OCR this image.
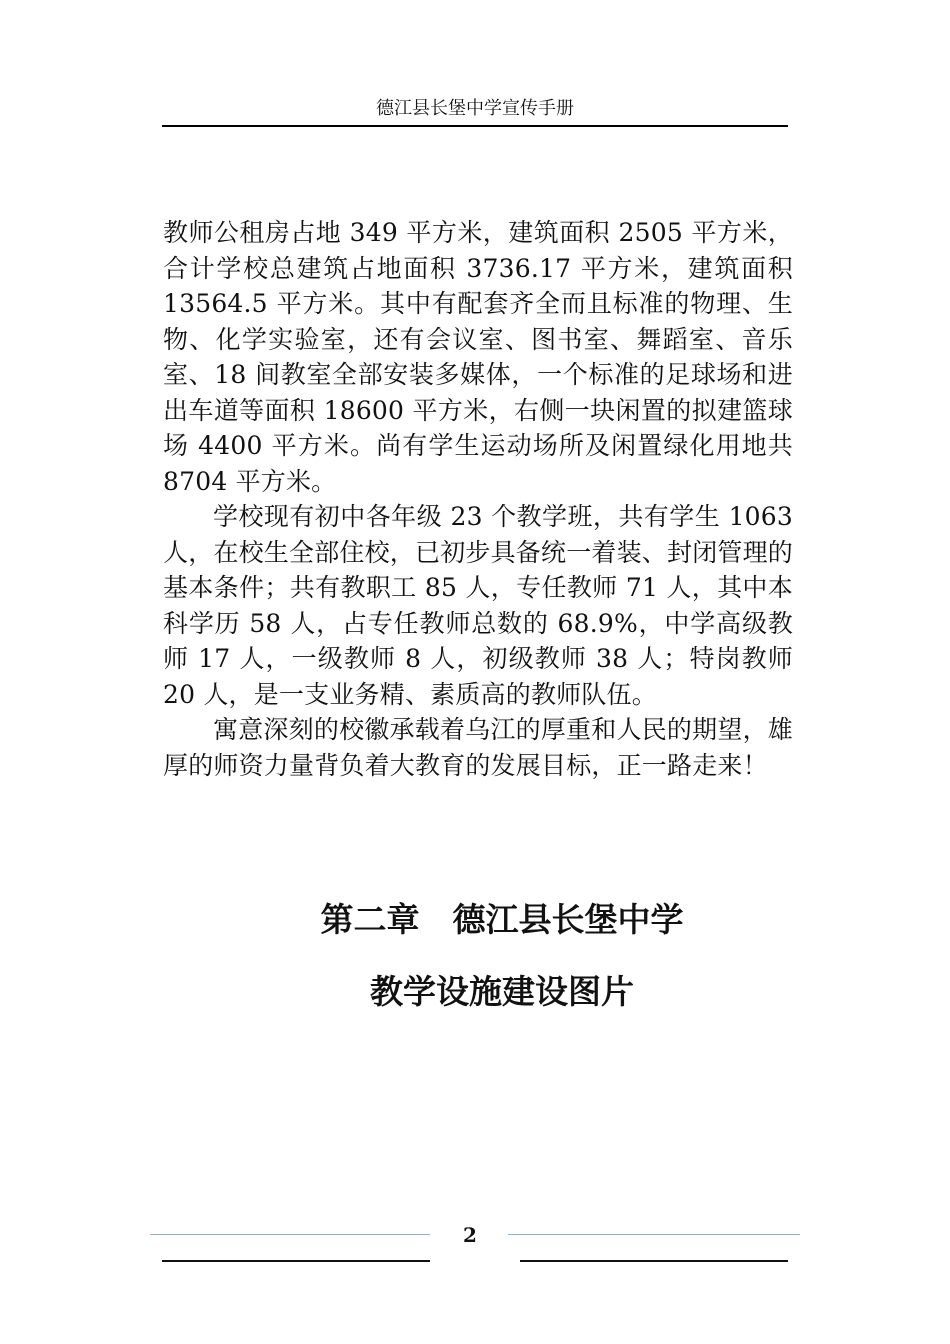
德江县长堡中学宣传手册

教师公租房占地 349 平方米，建筑面积 2505 平方米，合计学校总建筑占地面积 3736.17 平方米，建筑面积 13564.5 平方米。其中有配套齐全而且标准的物理、生物、化学实验室，还有会议室、图书室、舞蹈室、音乐室、18 间教室全部安装多媒体，一个标准的足球场和进出车道等面积 18600 平方米，右侧一块闲置的拟建篮球场 4400 平方米。尚有学生运动场所及闲置绿化用地共 8704 平方米。

学校现有初中各年级 23 个教学班，共有学生 1063 人，在校生全部住校，已初步具备统一着装、封闭管理的基本条件；共有教职工 85 人，专任教师 71 人，其中本科学历 58 人，占专任教师总数的 68.9%，中学高级教师 17 人，一级教师 8 人，初级教师 38 人；特岗教师 20 人，是一支业务精、素质高的教师队伍。

寓意深刻的校徽承载着乌江的厚重和人民的期望，雄厚的师资力量背负着大教育的发展目标，正一路走来！

第二章　德江县长堡中学
教学设施建设图片
2
